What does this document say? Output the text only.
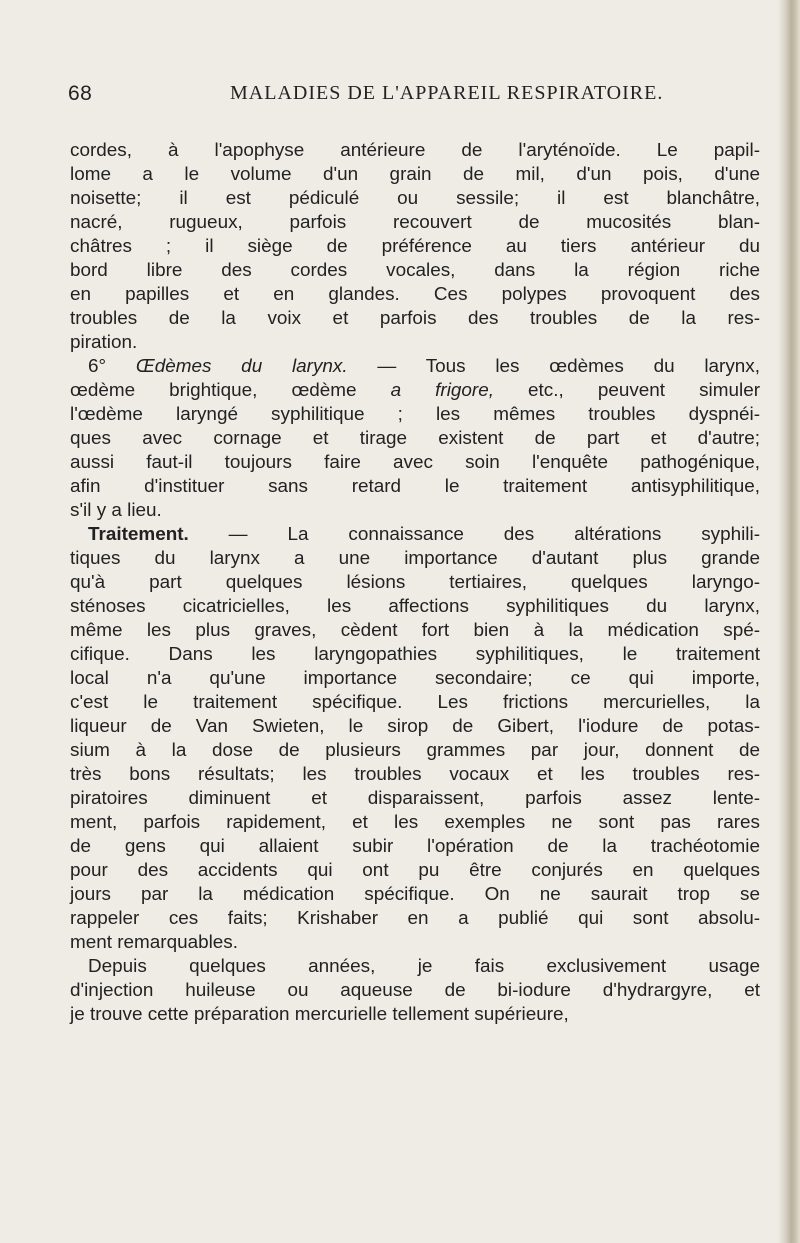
68	MALADIES DE L'APPAREIL RESPIRATOIRE.
cordes, à l'apophyse antérieure de l'aryténoïde. Le papil-
lome a le volume d'un grain de mil, d'un pois, d'une
noisette; il est pédiculé ou sessile; il est blanchâtre,
nacré, rugueux, parfois recouvert de mucosités blan-
châtres ; il siège de préférence au tiers antérieur du
bord libre des cordes vocales, dans la région riche
en papilles et en glandes. Ces polypes provoquent des
troubles de la voix et parfois des troubles de la res-
piration.
6° Œdèmes du larynx. — Tous les œdèmes du larynx,
œdème brightique, œdème a frigore, etc., peuvent simuler
l'œdème laryngé syphilitique ; les mêmes troubles dyspnéi-
ques avec cornage et tirage existent de part et d'autre;
aussi faut-il toujours faire avec soin l'enquête pathogénique,
afin d'instituer sans retard le traitement antisyphilitique,
s'il y a lieu.
Traitement. — La connaissance des altérations syphili-
tiques du larynx a une importance d'autant plus grande
qu'à part quelques lésions tertiaires, quelques laryngo-
sténoses cicatricielles, les affections syphilitiques du larynx,
même les plus graves, cèdent fort bien à la médication spé-
cifique. Dans les laryngopathies syphilitiques, le traitement
local n'a qu'une importance secondaire; ce qui importe,
c'est le traitement spécifique. Les frictions mercurielles, la
liqueur de Van Swieten, le sirop de Gibert, l'iodure de potas-
sium à la dose de plusieurs grammes par jour, donnent de
très bons résultats; les troubles vocaux et les troubles res-
piratoires diminuent et disparaissent, parfois assez lente-
ment, parfois rapidement, et les exemples ne sont pas rares
de gens qui allaient subir l'opération de la trachéotomie
pour des accidents qui ont pu être conjurés en quelques
jours par la médication spécifique. On ne saurait trop se
rappeler ces faits; Krishaber en a publié qui sont absolu-
ment remarquables.
Depuis quelques années, je fais exclusivement usage
d'injection huileuse ou aqueuse de bi-iodure d'hydrargyre, et
je trouve cette préparation mercurielle tellement supérieure,
